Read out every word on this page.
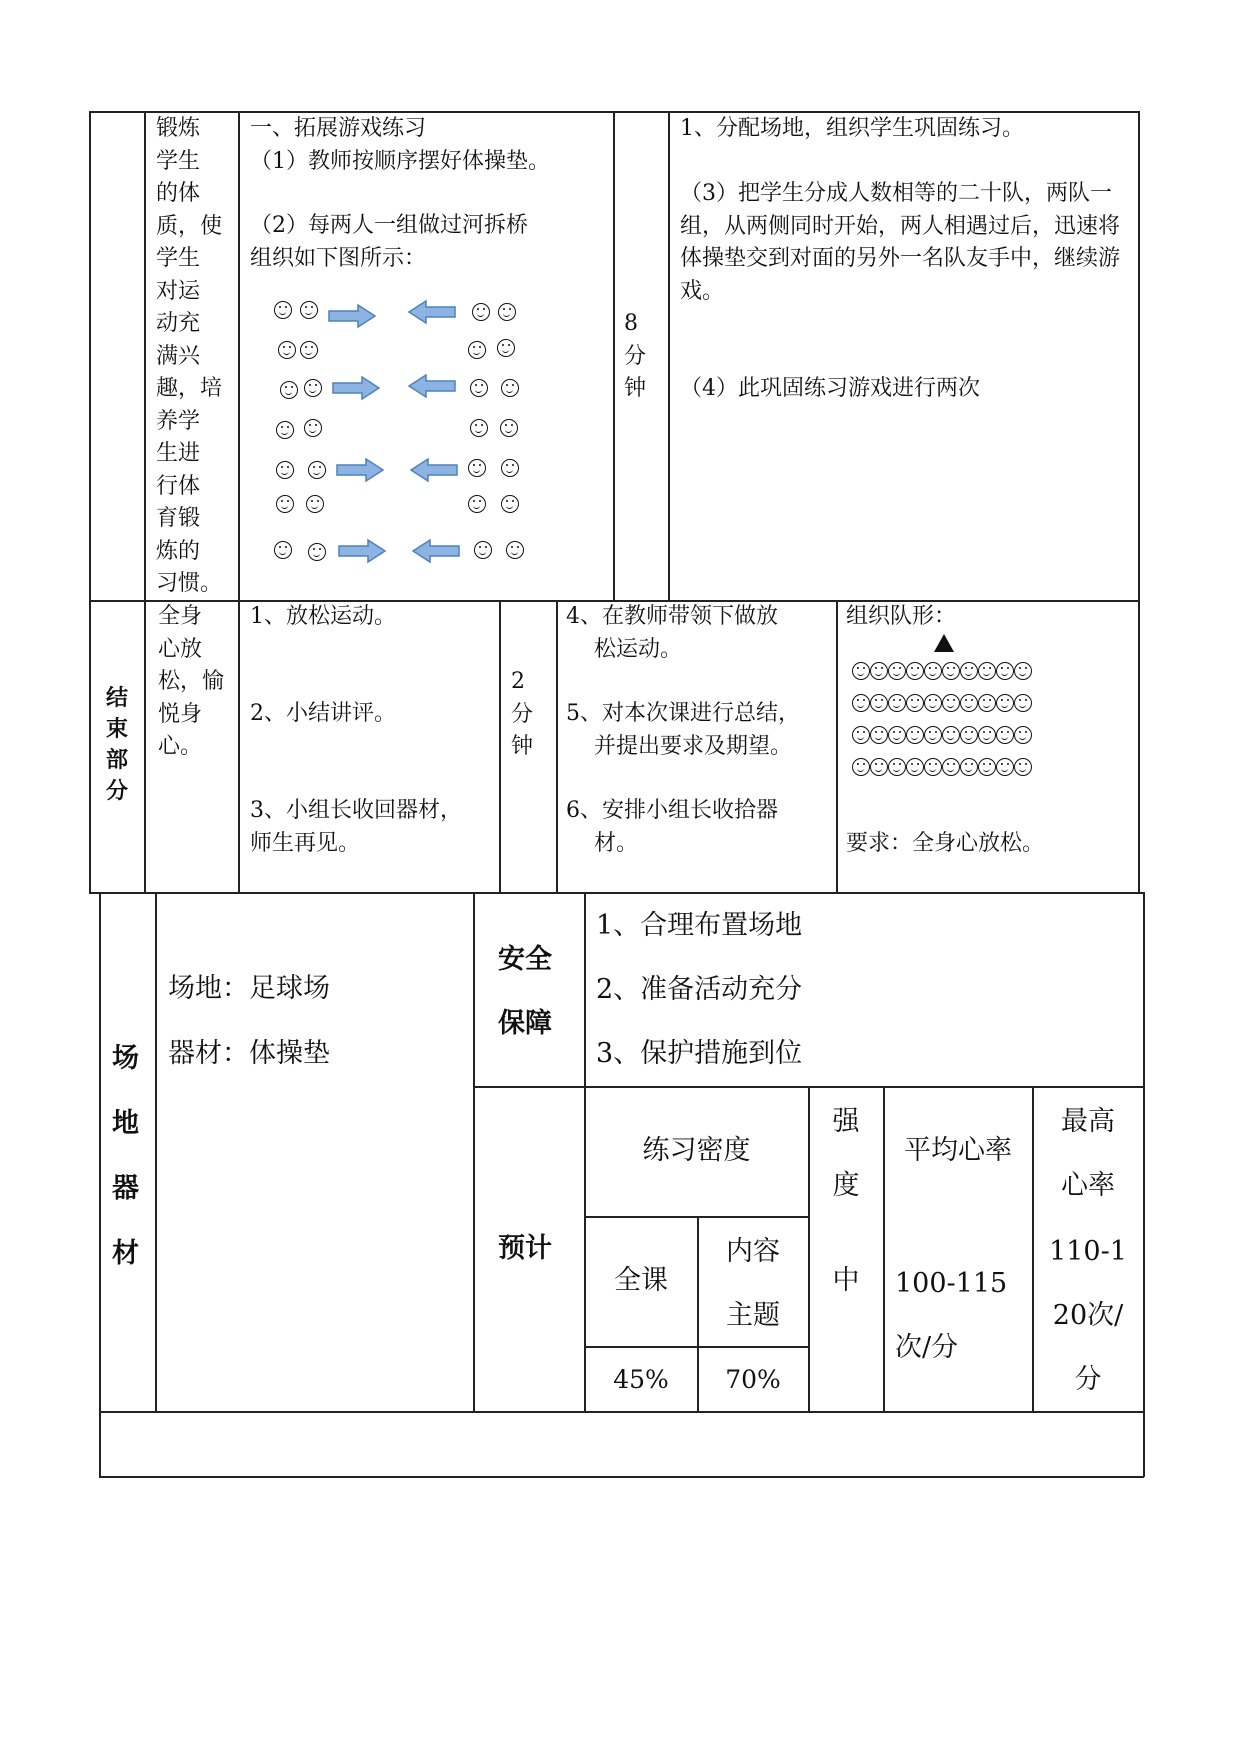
锻炼
学生
的体
质，使
学生
对运
动充
满兴
趣，培
养学
生进
行体
育锻
炼的
习惯。
一、拓展游戏练习
（1）教师按顺序摆好体操垫。
（2）每两人一组做过河拆桥
组织如下图所示：
8
分
钟
1、分配场地，组织学生巩固练习。
（3）把学生分成人数相等的二十队，两队一组，从两侧同时开始，两人相遇过后，迅速将体操垫交到对面的另外一名队友手中，继续游戏。
（4）此巩固练习游戏进行两次
结
束
部
分
全身
心放
松，愉
悦身
心。
1、放松运动。
2、小结讲评。
3、小组长收回器材，
师生再见。
2
分
钟
4、在教师带领下做放
松运动。
5、对本次课进行总结，
并提出要求及期望。
6、安排小组长收拾器
材。
组织队形：
要求：全身心放松。
场
地
器
材
场地：足球场
器材：体操垫
安全
保障
1、合理布置场地
2、准备活动充分
3、保护措施到位
预计
练习密度
强
度
平均心率
最高
心率
全课
内容
主题
中	100-115
次/分
110-1
20次/
分
45%	70%
